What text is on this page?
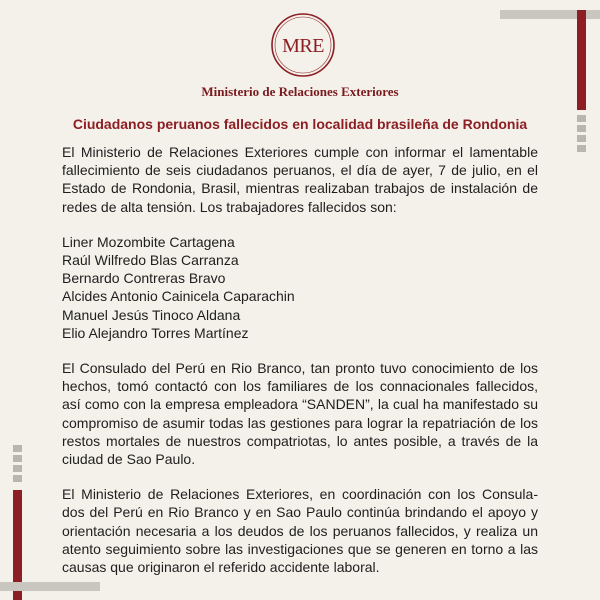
MRE
Ministerio de Relaciones Exteriores
Ciudadanos peruanos fallecidos en localidad brasileña de Rondonia

El Ministerio de Relaciones Exteriores cumple con informar el lamentable fallecimiento de seis ciudadanos peruanos, el día de ayer, 7 de julio, en el Estado de Rondonia, Brasil, mientras realizaban trabajos de instalación de redes de alta tensión. Los trabajadores fallecidos son:

Liner Mozombite Cartagena
Raúl Wilfredo Blas Carranza
Bernardo Contreras Bravo
Alcides Antonio Cainicela Caparachin
Manuel Jesús Tinoco Aldana
Elio Alejandro Torres Martínez

El Consulado del Perú en Rio Branco, tan pronto tuvo conocimiento de los hechos, tomó contactó con los familiares de los connacionales fallecidos, así como con la empresa empleadora “SANDEN”, la cual ha manifestado su compromiso de asumir todas las gestiones para lograr la repatriación de los restos mortales de nuestros compatriotas, lo antes posible, a través de la ciudad de Sao Paulo.

El Ministerio de Relaciones Exteriores, en coordinación con los Consula- dos del Perú en Rio Branco y en Sao Paulo continúa brindando el apoyo y orientación necesaria a los deudos de los peruanos fallecidos, y realiza un atento seguimiento sobre las investigaciones que se generen en torno a las causas que originaron el referido accidente laboral.
